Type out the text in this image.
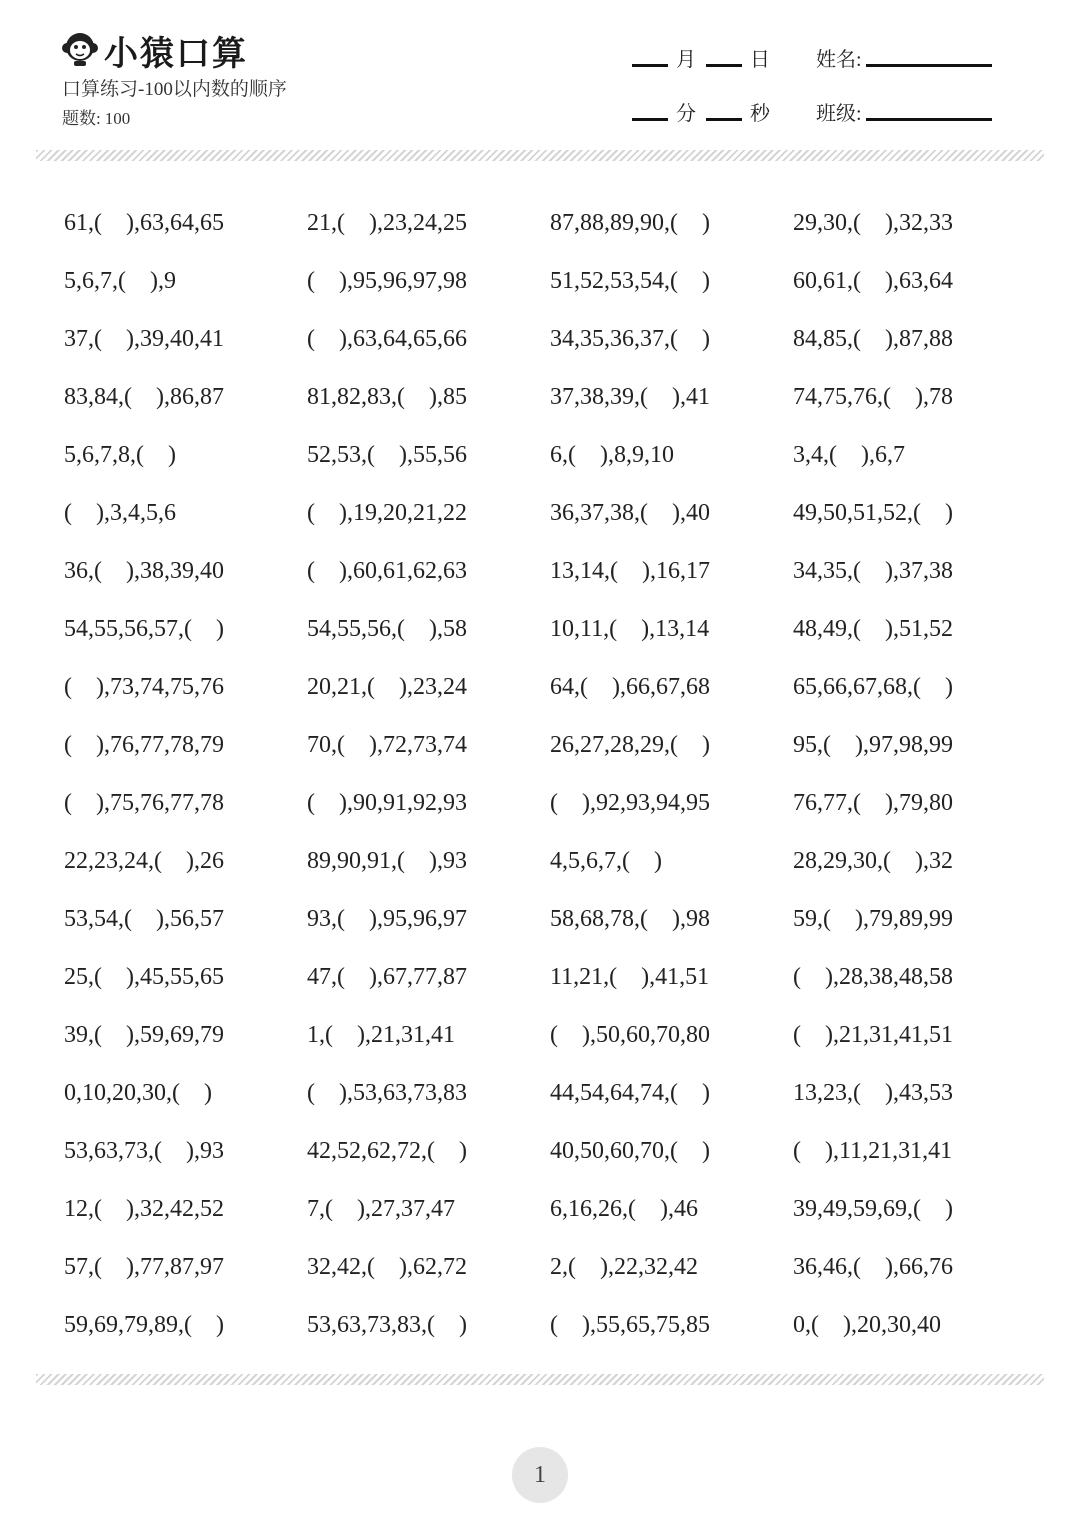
小猿口算
口算练习-100以内数的顺序
题数: 100
月	日 姓名:
分	秒 班级:
61,(    ),63,64,65	21,(    ),23,24,25	87,88,89,90,(    )	29,30,(    ),32,33
5,6,7,(    ),9	(    ),95,96,97,98	51,52,53,54,(    )	60,61,(    ),63,64
37,(    ),39,40,41	(    ),63,64,65,66	34,35,36,37,(    )	84,85,(    ),87,88
83,84,(    ),86,87	81,82,83,(    ),85	37,38,39,(    ),41	74,75,76,(    ),78
5,6,7,8,(    )	52,53,(    ),55,56	6,(    ),8,9,10	3,4,(    ),6,7
(    ),3,4,5,6	(    ),19,20,21,22	36,37,38,(    ),40	49,50,51,52,(    )
36,(    ),38,39,40	(    ),60,61,62,63	13,14,(    ),16,17	34,35,(    ),37,38
54,55,56,57,(    )	54,55,56,(    ),58	10,11,(    ),13,14	48,49,(    ),51,52
(    ),73,74,75,76	20,21,(    ),23,24	64,(    ),66,67,68	65,66,67,68,(    )
(    ),76,77,78,79	70,(    ),72,73,74	26,27,28,29,(    )	95,(    ),97,98,99
(    ),75,76,77,78	(    ),90,91,92,93	(    ),92,93,94,95	76,77,(    ),79,80
22,23,24,(    ),26	89,90,91,(    ),93	4,5,6,7,(    )	28,29,30,(    ),32
53,54,(    ),56,57	93,(    ),95,96,97	58,68,78,(    ),98	59,(    ),79,89,99
25,(    ),45,55,65	47,(    ),67,77,87	11,21,(    ),41,51	(    ),28,38,48,58
39,(    ),59,69,79	1,(    ),21,31,41	(    ),50,60,70,80	(    ),21,31,41,51
0,10,20,30,(    )	(    ),53,63,73,83	44,54,64,74,(    )	13,23,(    ),43,53
53,63,73,(    ),93	42,52,62,72,(    )	40,50,60,70,(    )	(    ),11,21,31,41
12,(    ),32,42,52	7,(    ),27,37,47	6,16,26,(    ),46	39,49,59,69,(    )
57,(    ),77,87,97	32,42,(    ),62,72	2,(    ),22,32,42	36,46,(    ),66,76
59,69,79,89,(    )	53,63,73,83,(    )	(    ),55,65,75,85	0,(    ),20,30,40
1
